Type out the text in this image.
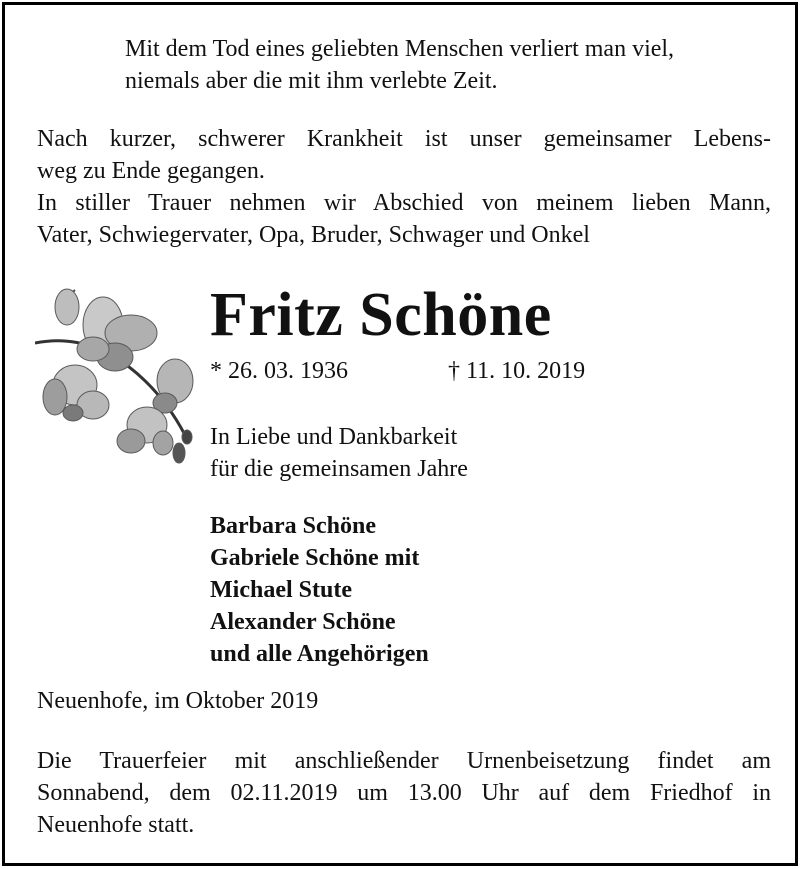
Mit dem Tod eines geliebten Menschen verliert man viel,
niemals aber die mit ihm verlebte Zeit.
Nach kurzer, schwerer Krankheit ist unser gemeinsamer Lebens-
weg zu Ende gegangen.
In stiller Trauer nehmen wir Abschied von meinem lieben Mann,
Vater, Schwiegervater, Opa, Bruder, Schwager und Onkel
Fritz Schöne
* 26. 03. 1936	† 11. 10. 2019
In Liebe und Dankbarkeit
für die gemeinsamen Jahre
Barbara Schöne
Gabriele Schöne mit
Michael Stute
Alexander Schöne
und alle Angehörigen
Neuenhofe, im Oktober 2019
Die Trauerfeier mit anschließender Urnenbeisetzung findet am
Sonnabend, dem 02.11.2019 um 13.00 Uhr auf dem Friedhof in
Neuenhofe statt.
